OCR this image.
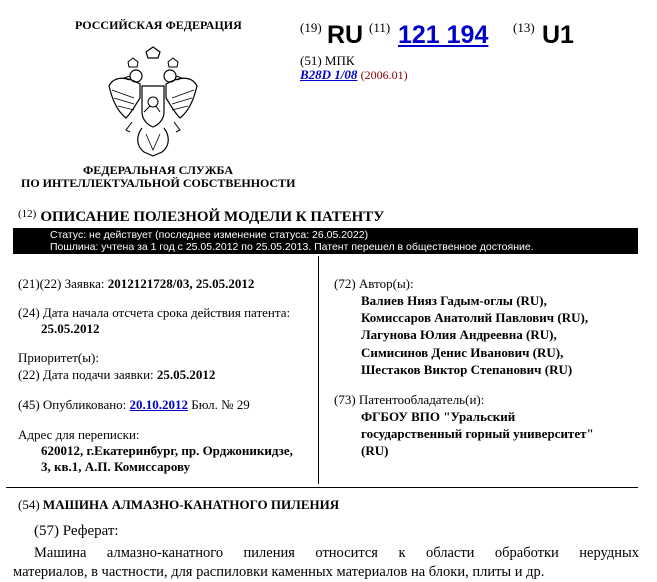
РОССИЙСКАЯ ФЕДЕРАЦИЯ
ФЕДЕРАЛЬНАЯ СЛУЖБА
ПО ИНТЕЛЛЕКТУАЛЬНОЙ СОБСТВЕННОСТИ
(19) RU (11) 121 194 (13) U1
(51) МПК
B28D 1/08 (2006.01)
$^{(12)}$ ОПИСАНИЕ ПОЛЕЗНОЙ МОДЕЛИ К ПАТЕНТУ
Статус: не действует (последнее изменение статуса: 26.05.2022)
Пошлина: учтена за 1 год с 25.05.2012 по 25.05.2013. Патент перешел в общественное достояние.
(21)(22) Заявка: 2012121728/03, 25.05.2012
(24) Дата начала отсчета срока действия патента:
25.05.2012
Приоритет(ы):
(22) Дата подачи заявки: 25.05.2012
(45) Опубликовано: 20.10.2012 Бюл. № 29
Адрес для переписки:
620012, г.Екатеринбург, пр. Орджоникидзе,
3, кв.1, А.П. Комиссарову
(72) Автор(ы):
Валиев Нияз Гадым-оглы (RU),
Комиссаров Анатолий Павлович (RU),
Лагунова Юлия Андреевна (RU),
Симисинов Денис Иванович (RU),
Шестаков Виктор Степанович (RU)
(73) Патентообладатель(и):
ФГБОУ ВПО "Уральский
государственный горный университет"
(RU)
(54) МАШИНА АЛМАЗНО-КАНАТНОГО ПИЛЕНИЯ
(57) Реферат:
Машина алмазно-канатного пиления относится к области обработки нерудных
материалов, в частности, для распиловки каменных материалов на блоки, плиты и др.
